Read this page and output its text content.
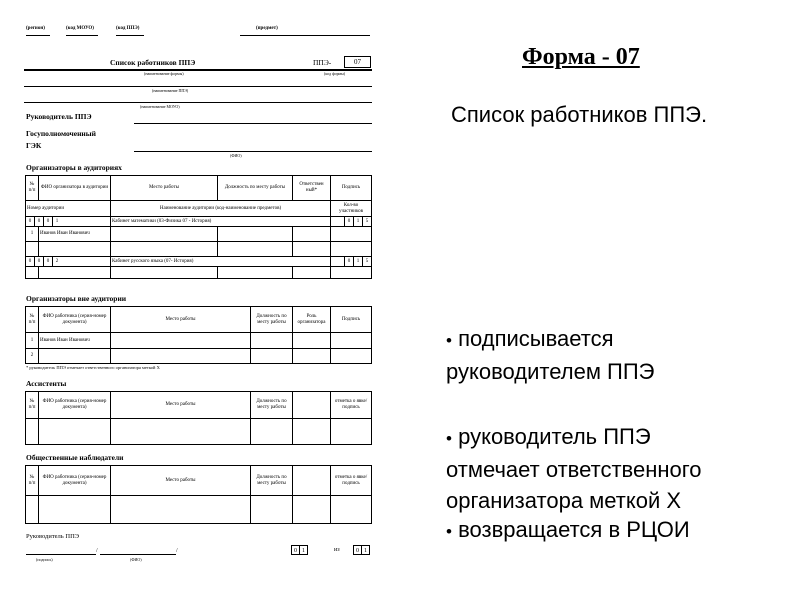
(регион)	(код МОУО)	(код ППЭ)	(предмет)
Список работников ППЭ	ППЭ-	07
(наименование формы)	(код формы)
(наименование ППЭ)
(наименование МОУО)
Руководитель ППЭ
Госуполномоченный
ГЭК
(ФИО)
Организаторы в аудиториях
№ п/п	ФИО организатора в аудитории	Место работы	Должность по месту работы	Ответствен ный*	Подпись
Номер аудитории		Наименование аудитории (код-наименование предметов)			Кол-во участников

0 0 0 1		Кабинет математики (03-Физика 07 - История)			0 1 5

1	Иванов Иван Иванович				

0 0 0 2		Кабинет русского языка (07- История)			0 1 5

Организаторы вне аудитории
№ п/п	ФИО работника (серия-номер документа)	Место работы	Должность по месту работы	Роль организатора	Подпись
1	Иванов Иван Иванович				
2					
* руководитель ППЭ отмечает ответственного организатора меткой Х
Ассистенты
№ п/п	ФИО работника (серия-номер документа)	Место работы	Должность по месту работы		отметка о явке/ подпись

Общественные наблюдатели
№ п/п	ФИО работника (серия-номер документа)	Место работы	Должность по месту работы		отметка о явке/ подпись

Руководитель ППЭ
/	/
(подпись)	(ФИО)
0 1	из	0 1
Форма - 07
Список работников ППЭ.
• подписывается
руководителем ППЭ
• руководитель ППЭ
отмечает ответственного
организатора меткой Х
• возвращается в РЦОИ
